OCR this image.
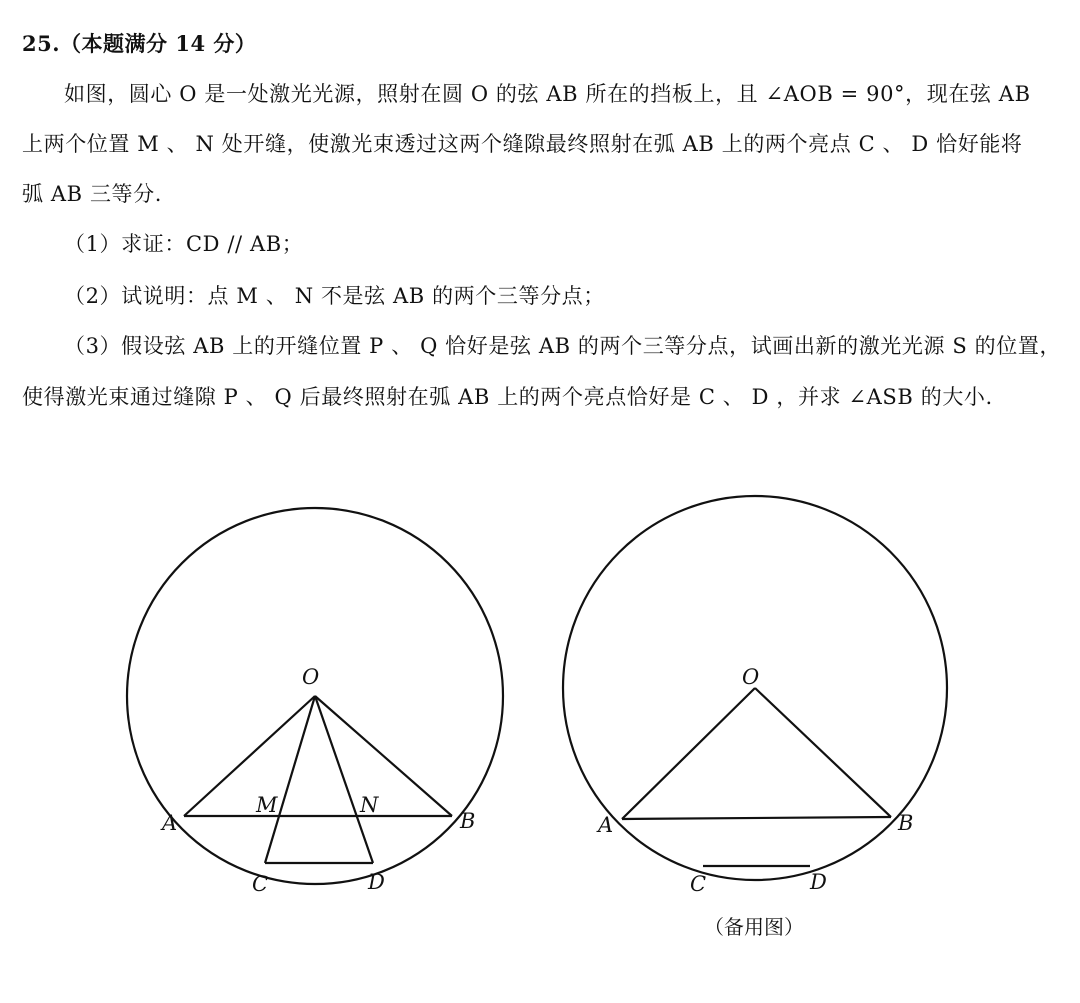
25.（本题满分 14 分）
如图，圆心 O 是一处激光光源，照射在圆 O 的弦 AB 所在的挡板上，且 ∠AOB = 90°，现在弦 AB
上两个位置 M 、 N 处开缝，使激光束透过这两个缝隙最终照射在弧 AB 上的两个亮点 C 、 D 恰好能将
弧 AB 三等分.
（1）求证：CD // AB；
（2）试说明：点 M 、 N 不是弦 AB 的两个三等分点；
（3）假设弦 AB 上的开缝位置 P 、 Q 恰好是弦 AB 的两个三等分点，试画出新的激光光源 S 的位置，
使得激光束通过缝隙 P 、 Q 后最终照射在弧 AB 上的两个亮点恰好是 C 、 D ，并求 ∠ASB 的大小.
O
A	B
M	N
C	D
O
A	B
C	D
（备用图）
